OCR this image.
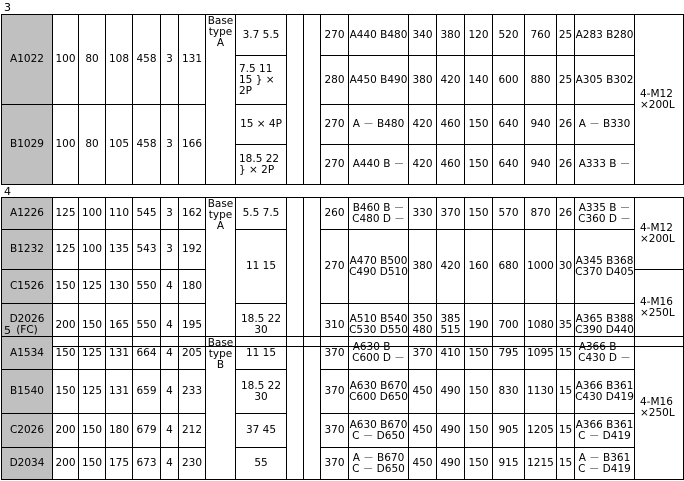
3
A1022	100	80	108	458	3	131	Base type A	3.7 5.5			270	A440 B480	340	380	120	520	760	25	A283 B280	4-M12 ×200L
								7.5 11 15 } × 2P			280	A450 B490	380	420	140	600	880	25	A305 B302	
B1029	100	80	105	458	3	166		15 × 4P			270	A － B480	420	460	150	640	940	26	A － B330	
								18.5 22 } × 2P			270	A440 B －	420	460	150	640	940	26	A333 B －	
4
A1226	125	100	110	545	3	162	Base type A	5.5 7.5			260	B460 B － C480 D －	330	370	150	570	870	26	A335 B － C360 D －	4-M12 ×200L
B1232	125	100	135	543	3	192		11 15			270	A470 B500 C490 D510	380	420	160	680	1000	30	A345 B368 C370 D405	
C1526	150	125	130	550	4	180														4-M16 ×250L
D2026 (FC)	200	150	165	550	4	195		18.5 22 30			310	A510 B540 C530 D550	350 480	385 515	190	700	1080	35	A365 B388 C390 D440	
5
A1534	150	125	131	664	4	205	Base type B	11 15			370	A630 B － C600 D －	370	410	150	795	1095	15	A366 B － C430 D －	4-M16 ×250L
B1540	150	125	131	659	4	233		18.5 22 30			370	A630 B670 C600 D650	450	490	150	830	1130	15	A366 B361 C430 D419	
C2026	200	150	180	679	4	212		37 45			370	A630 B670 C － D650	450	490	150	905	1205	15	A366 B361 C － D419	
D2034	200	150	175	673	4	230		55			370	A － B670 C － D650	450	490	150	915	1215	15	A － B361 C － D419	
